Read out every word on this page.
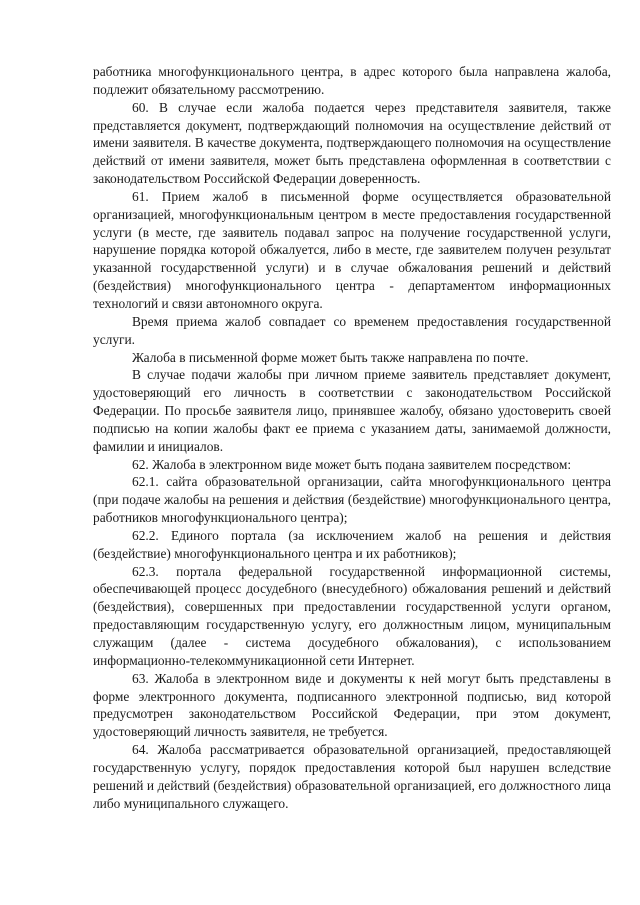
работника многофункционального центра, в адрес которого была направлена жалоба, подлежит обязательному рассмотрению.

60. В случае если жалоба подается через представителя заявителя, также представляется документ, подтверждающий полномочия на осуществление действий от имени заявителя. В качестве документа, подтверждающего полномочия на осуществление действий от имени заявителя, может быть представлена оформленная в соответствии с законодательством Российской Федерации доверенность.

61. Прием жалоб в письменной форме осуществляется образовательной организацией, многофункциональным центром в месте предоставления государственной услуги (в месте, где заявитель подавал запрос на получение государственной услуги, нарушение порядка которой обжалуется, либо в месте, где заявителем получен результат указанной государственной услуги) и в случае обжалования решений и действий (бездействия) многофункционального центра - департаментом информационных технологий и связи автономного округа.

Время приема жалоб совпадает со временем предоставления государственной услуги.

Жалоба в письменной форме может быть также направлена по почте.

В случае подачи жалобы при личном приеме заявитель представляет документ, удостоверяющий его личность в соответствии с законодательством Российской Федерации. По просьбе заявителя лицо, принявшее жалобу, обязано удостоверить своей подписью на копии жалобы факт ее приема с указанием даты, занимаемой должности, фамилии и инициалов.

62. Жалоба в электронном виде может быть подана заявителем посредством:

62.1. сайта образовательной организации, сайта многофункционального центра (при подаче жалобы на решения и действия (бездействие) многофункционального центра, работников многофункционального центра);

62.2. Единого портала (за исключением жалоб на решения и действия (бездействие) многофункционального центра и их работников);

62.3. портала федеральной государственной информационной системы, обеспечивающей процесс досудебного (внесудебного) обжалования решений и действий (бездействия), совершенных при предоставлении государственной услуги органом, предоставляющим государственную услугу, его должностным лицом, муниципальным служащим (далее - система досудебного обжалования), с использованием информационно-телекоммуникационной сети Интернет.

63. Жалоба в электронном виде и документы к ней могут быть представлены в форме электронного документа, подписанного электронной подписью, вид которой предусмотрен законодательством Российской Федерации, при этом документ, удостоверяющий личность заявителя, не требуется.

64. Жалоба рассматривается образовательной организацией, предоставляющей государственную услугу, порядок предоставления которой был нарушен вследствие решений и действий (бездействия) образовательной организацией, его должностного лица либо муниципального служащего.
